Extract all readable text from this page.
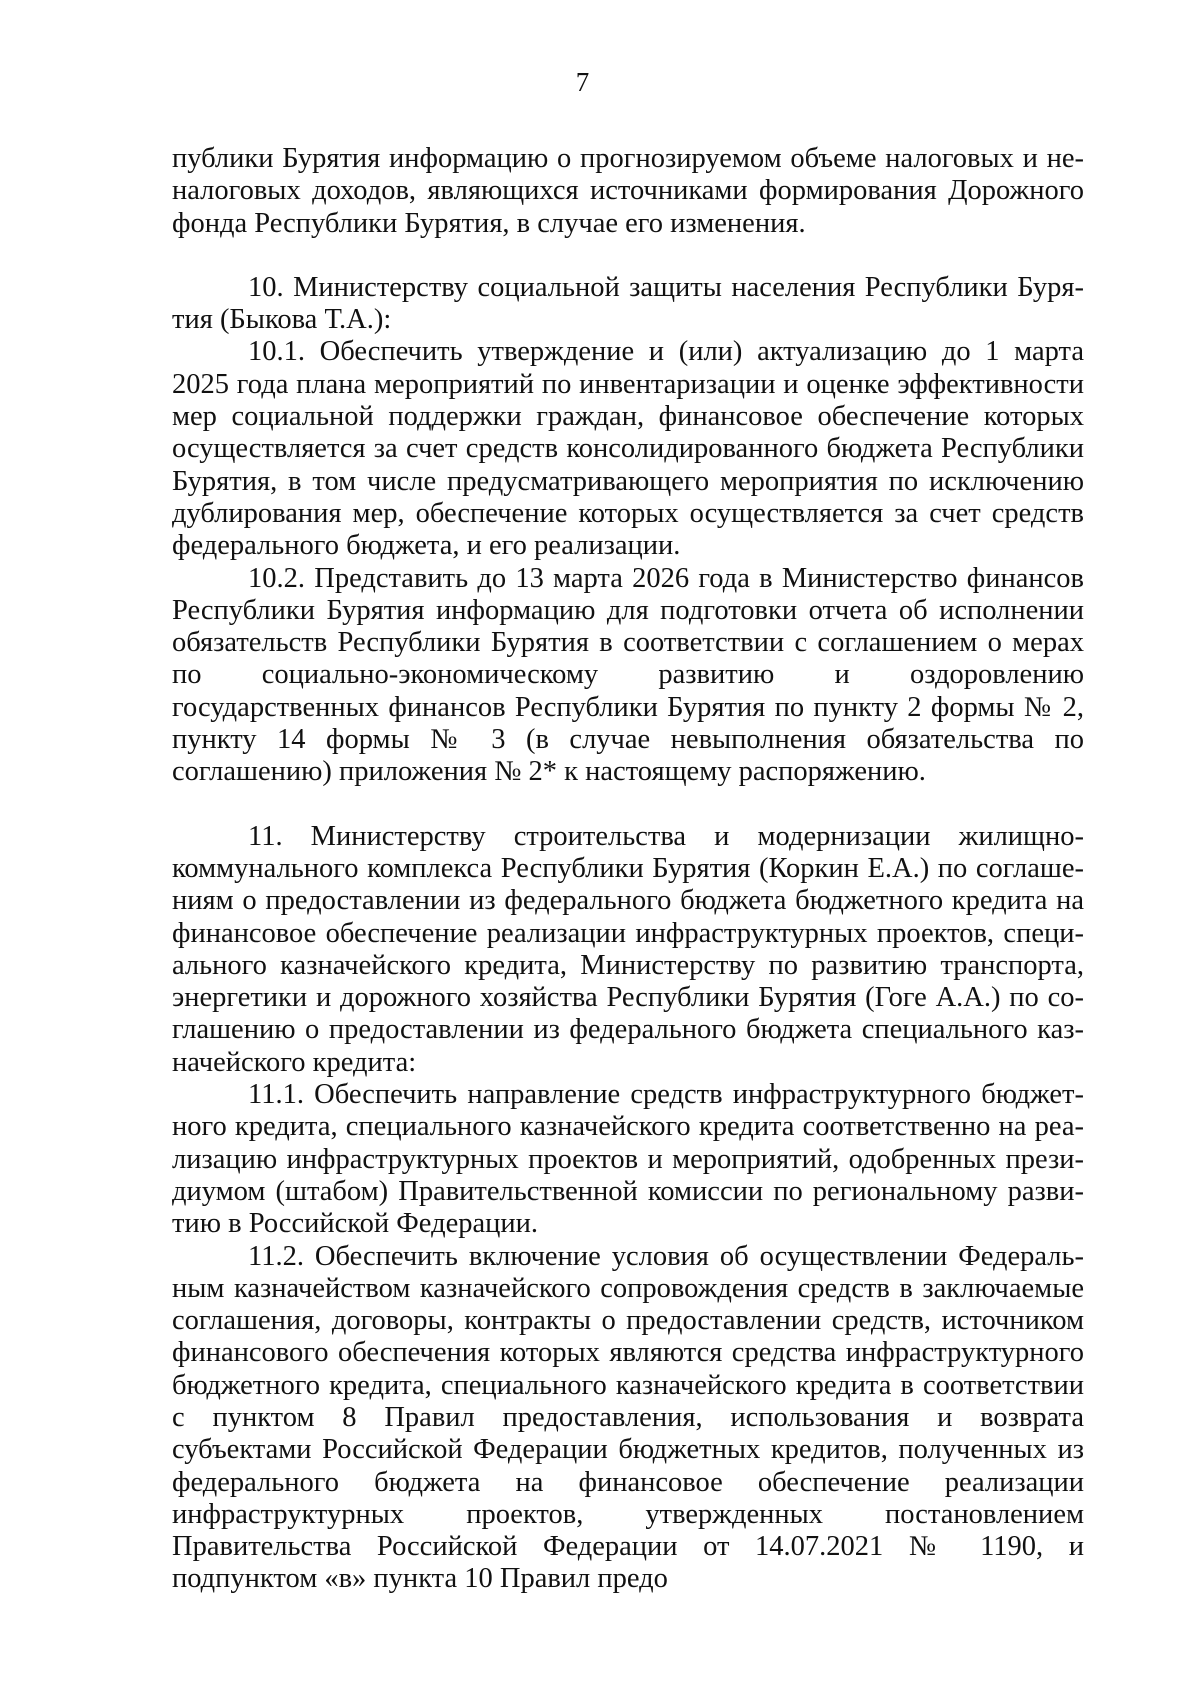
7

публики Бурятия информацию о прогнозируемом объеме налоговых и неналоговых доходов, являющихся источниками формирования Дорожного фонда Республики Бурятия, в случае его изменения.

10. Министерству социальной защиты населения Республики Бурятия (Быкова Т.А.):

10.1. Обеспечить утверждение и (или) актуализацию до 1 марта 2025 года плана мероприятий по инвентаризации и оценке эффективности мер социальной поддержки граждан, финансовое обеспечение которых осуществляется за счет средств консолидированного бюджета Республики Бурятия, в том числе предусматривающего мероприятия по исключению дублирования мер, обеспечение которых осуществляется за счет средств федерального бюджета, и его реализации.

10.2. Представить до 13 марта 2026 года в Министерство финансов Республики Бурятия информацию для подготовки отчета об исполнении обязательств Республики Бурятия в соответствии с соглашением о мерах по социально-экономическому развитию и оздоровлению государственных финансов Республики Бурятия по пункту 2 формы № 2, пункту 14 формы № 3 (в случае невыполнения обязательства по соглашению) приложения № 2* к настоящему распоряжению.

11. Министерству строительства и модернизации жилищно-коммунального комплекса Республики Бурятия (Коркин Е.А.) по соглашениям о предоставлении из федерального бюджета бюджетного кредита на финансовое обеспечение реализации инфраструктурных проектов, специального казначейского кредита, Министерству по развитию транспорта, энергетики и дорожного хозяйства Республики Бурятия (Гоге А.А.) по соглашению о предоставлении из федерального бюджета специального казначейского кредита:

11.1. Обеспечить направление средств инфраструктурного бюджетного кредита, специального казначейского кредита соответственно на реализацию инфраструктурных проектов и мероприятий, одобренных президиумом (штабом) Правительственной комиссии по региональному развитию в Российской Федерации.

11.2. Обеспечить включение условия об осуществлении Федеральным казначейством казначейского сопровождения средств в заключаемые соглашения, договоры, контракты о предоставлении средств, источником финансового обеспечения которых являются средства инфраструктурного бюджетного кредита, специального казначейского кредита в соответствии с пунктом 8 Правил предоставления, использования и возврата субъектами Российской Федерации бюджетных кредитов, полученных из федерального бюджета на финансовое обеспечение реализации инфраструктурных проектов, утвержденных постановлением Правительства Российской Федерации от 14.07.2021 № 1190, и подпунктом «в» пункта 10 Правил предо
